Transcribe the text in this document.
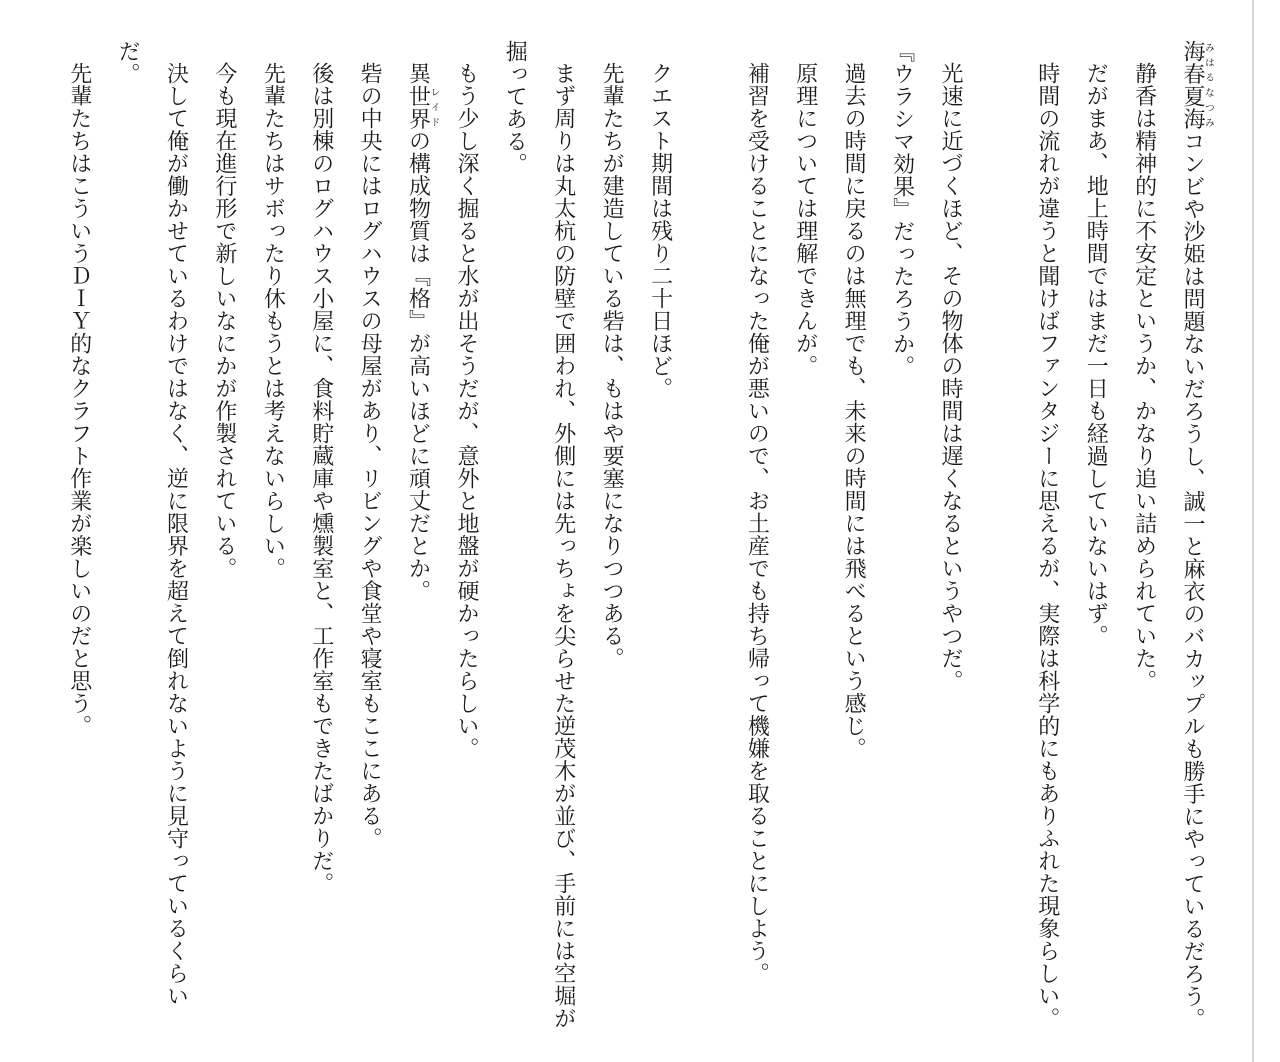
海春夏海みはるなつみコンビや沙姫は問題ないだろうし、誠一と麻衣のバカップルも勝手にやっているだろう。

静香は精神的に不安定というか、かなり追い詰められていた。

だがまあ、地上時間ではまだ一日も経過していないはず。

時間の流れが違うと聞けばファンタジーに思えるが、実際は科学的にもありふれた現象らしい。

光速に近づくほど、その物体の時間は遅くなるというやつだ。

『ウラシマ効果』だったろうか。

過去の時間に戻るのは無理でも、未来の時間には飛べるという感じ。

原理については理解できんが。

補習を受けることになった俺が悪いので、お土産でも持ち帰って機嫌を取ることにしよう。

クエスト期間は残り二十日ほど。

先輩たちが建造している砦は、もはや要塞になりつつある。

まず周りは丸太杭の防壁で囲われ、外側には先っちょを尖らせた逆茂木が並び、手前には空堀が掘ってある。

もう少し深く掘ると水が出そうだが、意外と地盤が硬かったらしい。

異世界レイドの構成物質は『格』が高いほどに頑丈だとか。

砦の中央にはログハウスの母屋があり、リビングや食堂や寝室もここにある。

後は別棟のログハウス小屋に、食料貯蔵庫や燻製室と、工作室もできたばかりだ。

先輩たちはサボったり休もうとは考えないらしい。

今も現在進行形で新しいなにかが作製されている。

決して俺が働かせているわけではなく、逆に限界を超えて倒れないように見守っているくらいだ。

先輩たちはこういうＤＩＹ的なクラフト作業が楽しいのだと思う。
